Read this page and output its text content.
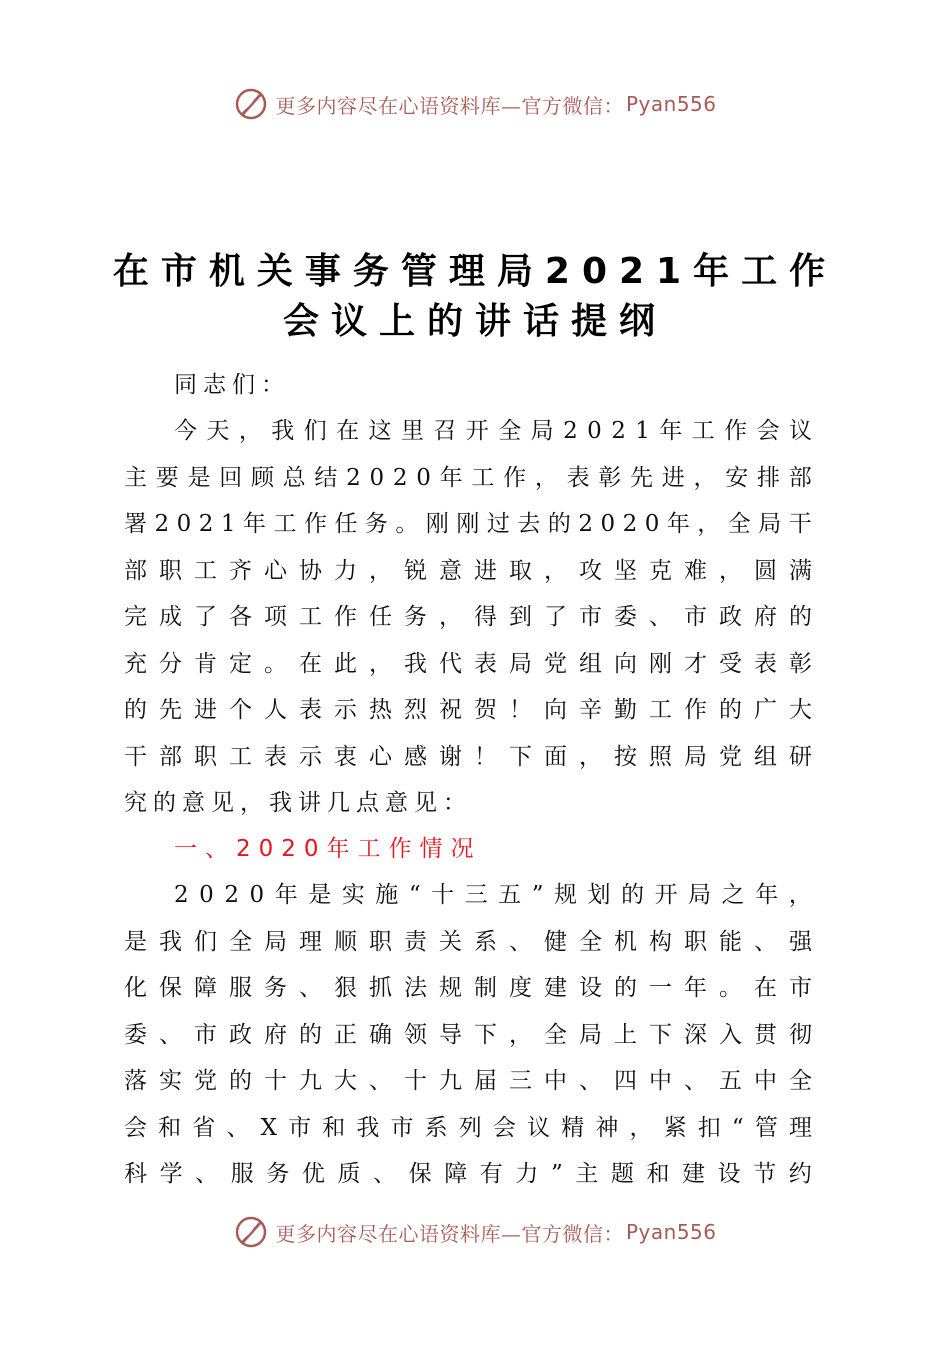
更多内容尽在心语资料库—官方微信： Pyan556
在市机关事务管理局2021年工作
会议上的讲话提纲
同志们：
今 天 ， 我 们 在 这 里 召 开 全 局 2 0 2 1 年 工 作 会 议
主 要 是 回 顾 总 结 2 0 2 0 年 工 作 ， 表 彰 先 进 ， 安 排 部
署 2 0 2 1 年 工 作 任 务 。 刚 刚 过 去 的 2 0 2 0 年 ， 全 局 干
部 职 工 齐 心 协 力 ， 锐 意 进 取 ， 攻 坚 克 难 ， 圆 满
完 成 了 各 项 工 作 任 务 ， 得 到 了 市 委 、 市 政 府 的
充 分 肯 定 。 在 此 ， 我 代 表 局 党 组 向 刚 才 受 表 彰
的 先 进 个 人 表 示 热 烈 祝 贺 ！ 向 辛 勤 工 作 的 广 大
干 部 职 工 表 示 衷 心 感 谢 ！ 下 面 ， 按 照 局 党 组 研
究的意见，我讲几点意见：
一、2020年工作情况
2 0 2 0 年 是 实 施 “ 十 三 五 ” 规 划 的 开 局 之 年 ，
是 我 们 全 局 理 顺 职 责 关 系 、 健 全 机 构 职 能 、 强
化 保 障 服 务 、 狠 抓 法 规 制 度 建 设 的 一 年 。 在 市
委 、 市 政 府 的 正 确 领 导 下 ， 全 局 上 下 深 入 贯 彻
落 实 党 的 十 九 大 、 十 九 届 三 中 、 四 中 、 五 中 全
会 和 省 、 X 市 和 我 市 系 列 会 议 精 神 ， 紧 扣 “ 管 理
科 学 、 服 务 优 质 、 保 障 有 力 ” 主 题 和 建 设 节 约
更多内容尽在心语资料库—官方微信： Pyan556
